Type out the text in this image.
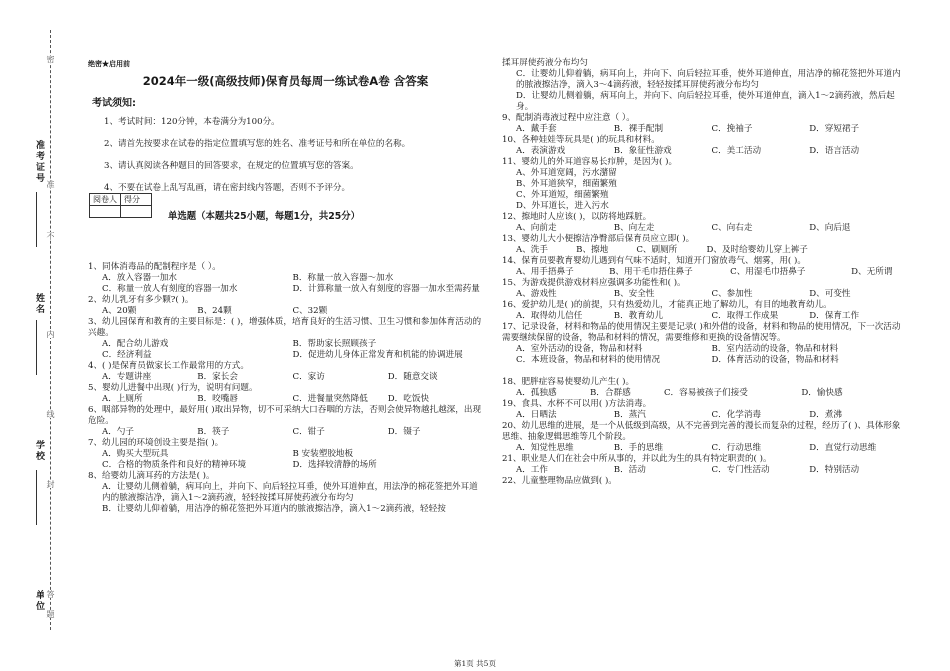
准考证号
姓名
学校
单位
密
封
线
内
不
准
答
题
绝密★启用前
2024年一级(高级技师)保育员每周一练试卷A卷 含答案
考试须知:

1、考试时间：120分钟，本卷满分为100分。

2、请首先按要求在试卷的指定位置填写您的姓名、准考证号和所在单位的名称。

3、请认真阅读各种题目的回答要求，在规定的位置填写您的答案。

4、不要在试卷上乱写乱画，请在密封线内答题，否则不予评分。

阅卷人	得分

单选题（本题共25小题，每题1分，共25分）

1、同体消毒品的配制程序是（ ）。

A．放入容器一加水	B．称量一放入容器～加水
C．称量一放人有刻度的容器一加水	D．计算称量一放入有刻度的容器一加水至需药量

2、幼儿乳牙有多少颗?( )。

A、20颗	B、24颗	C、32颗

3、幼儿园保育和教育的主要目标是：( )，增强体质，培育良好的生活习惯、卫生习惯和参加体育活动的兴趣。

A．配合幼儿游戏	B．帮助家长照顾孩子
C．经济利益	D．促进幼儿身体正常发育和机能的协调进展

4、( )是保育员做家长工作最常用的方式。

A．专题讲座	B．家长会	C．家访	D．随意交谈

5、婴幼儿进餐中出现( )行为，说明有问题。

A．上厕所	B．咬嘴唇	C．进餐量突然降低	D．吃饭快

6、咽部异物的处理中，最好用( )取出异物，切不可采纳大口吞咽的方法，否则会使异物越扎越深，出现危险。

A．勺子	B．筷子	C．钳子	D．镊子

7、幼儿园的环境创设主要是指( )。

A．购买大型玩具	B 安装塑胶地板
C．合格的物质条件和良好的精神环境	D．选择较清静的场所

8、给婴幼儿滴耳药的方法是( )。

A．让婴幼儿侧着躺，病耳向上，并向下、向后轻拉耳垂，使外耳道伸直，用法净的棉花签把外耳道内的脓液擦洁净，滴入1～2滴药液，轻轻按揉耳屏使药液分布均匀

B．让婴幼儿仰着躺，用洁净的棉花签把外耳道内的脓液擦洁净，滴入1～2滴药液，轻轻按

揉耳屏使药液分布均匀

C．让婴幼儿仰着躺，病耳向上，并向下、向后轻拉耳垂，使外耳道伸直，用洁净的棉花签把外耳道内的脓液擦洁净，滴入3～4滴药液，轻轻按揉耳屏使药液分布均匀

D．让婴幼儿侧着躺，病耳向上，并向下、向后轻拉耳垂，使外耳道伸直，滴入1～2滴药液，然后起身。

9、配制消毒液过程中应注意（ ）。

A．戴手套	B．裸手配制	C．挽袖子	D．穿短裙子

10、各种娃娃等玩具是( )的玩具和材料。

A．表演游戏	B．象征性游戏	C．美工活动	D．语言活动

11、婴幼儿的外耳道容易长疖肿，是因为( )。

A、外耳道宽阔，污水潴留
B、外耳道狭窄，细菌繁殖
C、外耳道短，细菌繁殖
D、外耳道长，进入污水

12、擦地时人应该( )，以防将地踩脏。

A、向前走	B、向左走	C、向右走	D、向后退

13、婴幼儿大小便擦洁净臀部后保育员应立即( )。

A、洗手	B、擦地	C、刷厕所	D、及时给婴幼儿穿上裤子

14、保育员要教育婴幼儿遇到有气味不适时，知道开门窗放毒气、烟雾，用( )。

A、用手捂鼻子	B、用干毛巾捂住鼻子	C、用湿毛巾捂鼻子	D、无所谓

15、为游戏提供游戏材料应强调多功能性和( )。

A、游戏性	B、安全性	C、参加性	D、可变性

16、爱护幼儿是( )的前提，只有热爱幼儿，才能真正地了解幼儿，有目的地教育幼儿。

A．取得幼儿信任	B．教育幼儿	C．取得工作成果	D．保育工作

17、记录设备，材料和物品的使用情况主要是记录( )和外借的设备，材料和物品的使用情况，下一次活动需要继续保留的设备，物品和材料的情况，需要维修和更换的设备情况等。

A．室外活动的设备，物品和材料	B．室内活动的设备，物品和材料
C．本班设备，物品和材料的使用情况	D．体育活动的设备，物品和材料

18、肥胖症容易使婴幼儿产生( )。

A．孤独感	B．合群感	C．容易被孩子们接受	D．愉快感

19、食具、水杯不可以用( )方法消毒。

A．日晒法	B．蒸汽	C．化学消毒	D．煮沸

20、幼儿思维的进展，是一个从低级到高级，从不完善到完善的漫长而复杂的过程，经历了( )、具体形象思维、抽象逻辑思维等几个阶段。

A．知觉性思维	B．手的思维	C．行动思维	D．直觉行动思维

21、职业是人们在社会中所从事的，并以此为生的具有特定职责的( )。

A．工作	B．活动	C．专门性活动	D．特别活动

22、儿童整理物品应做到( )。

第1页 共5页
